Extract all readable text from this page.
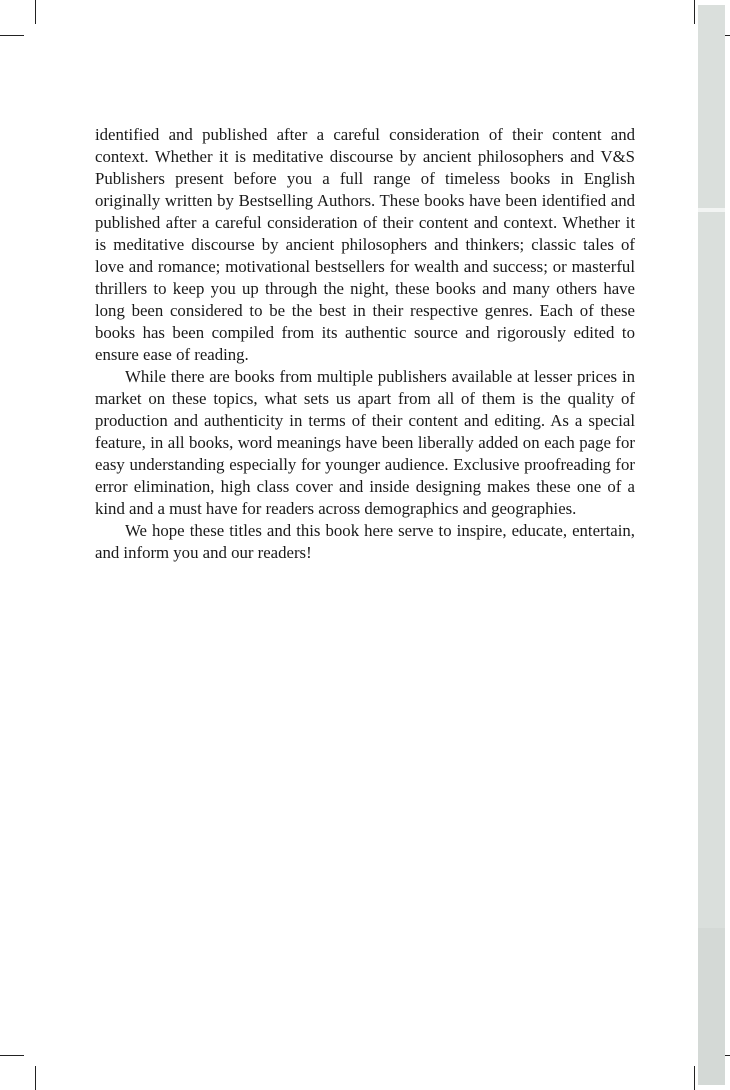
identified and published after a careful consideration of their content and context. Whether it is meditative discourse by ancient philosophers and V&S Publishers present before you a full range of timeless books in English originally written by Bestselling Authors. These books have been identified and published after a careful consideration of their content and context. Whether it is meditative discourse by ancient philosophers and thinkers; classic tales of love and romance; motivational bestsellers for wealth and success; or masterful thrillers to keep you up through the night, these books and many others have long been considered to be the best in their respective genres. Each of these books has been compiled from its authentic source and rigorously edited to ensure ease of reading.

While there are books from multiple publishers available at lesser prices in market on these topics, what sets us apart from all of them is the quality of production and authenticity in terms of their content and editing. As a special feature, in all books, word meanings have been liberally added on each page for easy understanding especially for younger audience. Exclusive proofreading for error elimination, high class cover and inside designing makes these one of a kind and a must have for readers across demographics and geographies.

We hope these titles and this book here serve to inspire, educate, entertain, and inform you and our readers!
